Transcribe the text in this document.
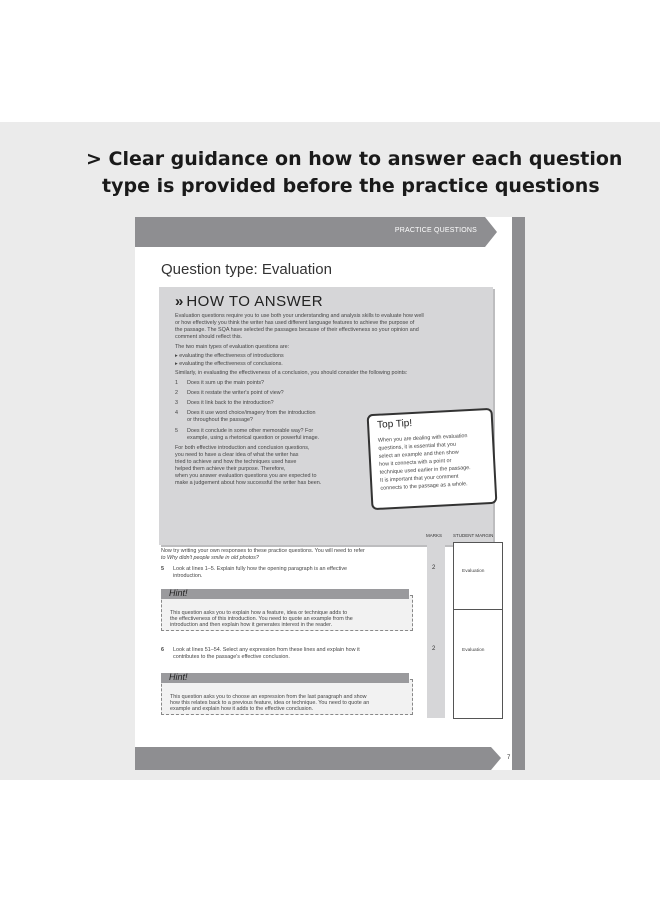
> Clear guidance on how to answer each question
type is provided before the practice questions
PRACTICE QUESTIONS
Question type: Evaluation
» HOW TO ANSWER
Evaluation questions require you to use both your understanding and analysis skills to evaluate how well
or how effectively you think the writer has used different language features to achieve the purpose of
the passage. The SQA have selected the passages because of their effectiveness so your opinion and
comment should reflect this.
The two main types of evaluation questions are:
▸ evaluating the effectiveness of introductions
▸ evaluating the effectiveness of conclusions.
Similarly, in evaluating the effectiveness of a conclusion, you should consider the following points:
1 Does it sum up the main points?
2 Does it restate the writer's point of view?
3 Does it link back to the introduction?
4 Does it use word choice/imagery from the introduction
or throughout the passage?
5 Does it conclude in some other memorable way? For
example, using a rhetorical question or powerful image.
For both effective introduction and conclusion questions,
you need to have a clear idea of what the writer has
tried to achieve and how the techniques used have
helped them achieve their purpose. Therefore,
when you answer evaluation questions you are expected to
make a judgement about how successful the writer has been.
Top Tip!
When you are dealing with evaluation
questions, it is essential that you
select an example and then show
how it connects with a point or
technique used earlier in the passage.
It is important that your comment
connects to the passage as a whole.
MARKS STUDENT MARGIN
Now try writing your own responses to these practice questions. You will need to refer
to Why didn't people smile in old photos?
5 Look at lines 1–5. Explain fully how the opening paragraph is an effective
introduction.
2
Evaluation
This question asks you to explain how a feature, idea or technique adds to
the effectiveness of this introduction. You need to quote an example from the
introduction and then explain how it generates interest in the reader.
Hint!
6 Look at lines 51–54. Select any expression from these lines and explain how it
contributes to the passage's effective conclusion.
2	Evaluation
This question asks you to choose an expression from the last paragraph and show
how this relates back to a previous feature, idea or technique. You need to quote an
example and explain how it adds to the effective conclusion.
Hint!
7
